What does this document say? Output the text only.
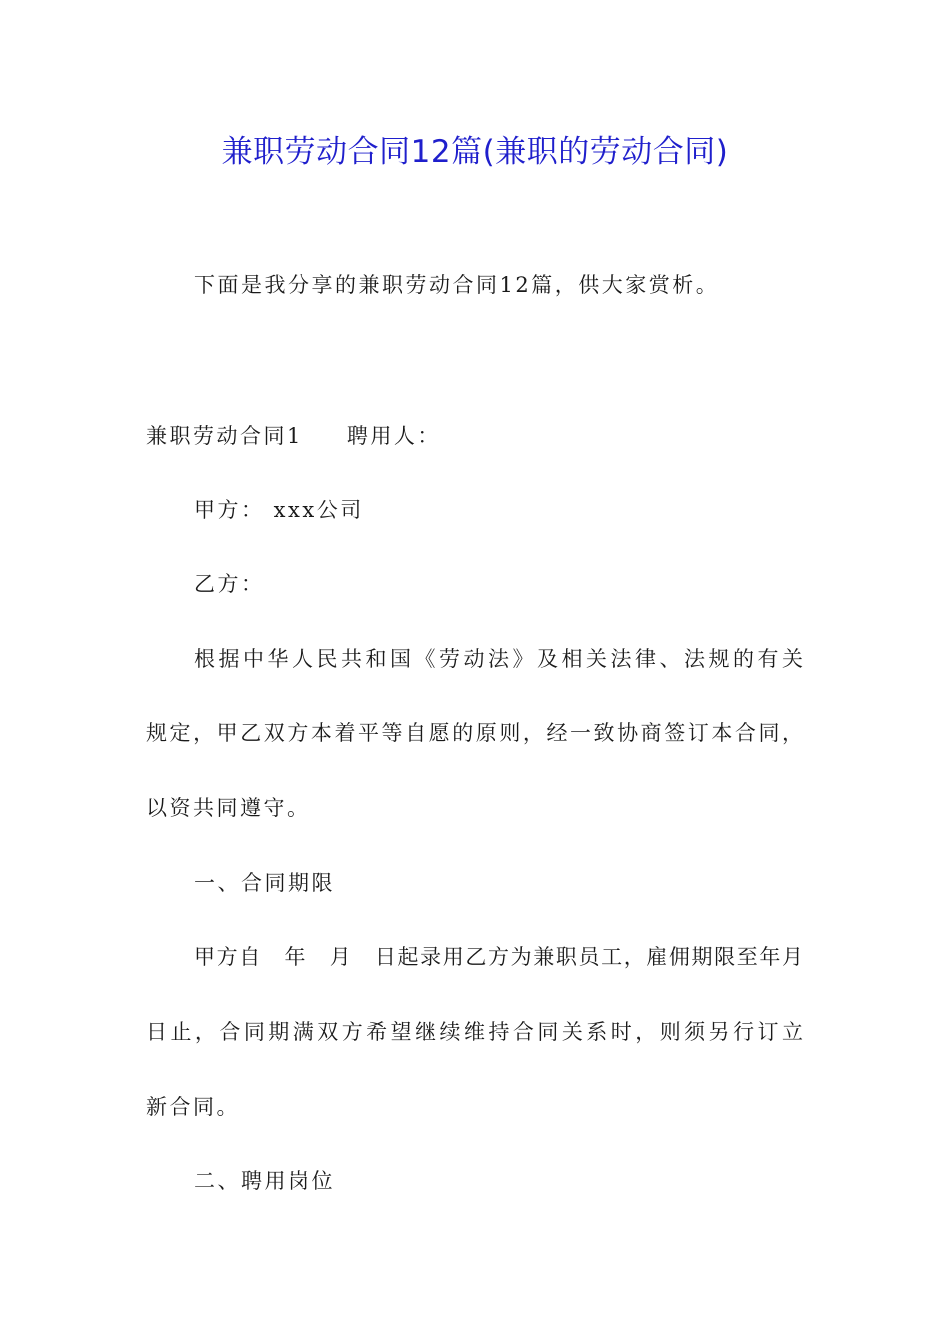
兼职劳动合同12篇(兼职的劳动合同)

下面是我分享的兼职劳动合同12篇，供大家赏析。

兼职劳动合同1 聘用人：

甲方： xxx公司

乙方：

根据中华人民共和国《劳动法》及相关法律、法规的有关

规定，甲乙双方本着平等自愿的原则，经一致协商签订本合同，

以资共同遵守。

一、合同期限

甲方自　年　月　日起录用乙方为兼职员工，雇佣期限至年月

日止，合同期满双方希望继续维持合同关系时，则须另行订立

新合同。

二、聘用岗位
